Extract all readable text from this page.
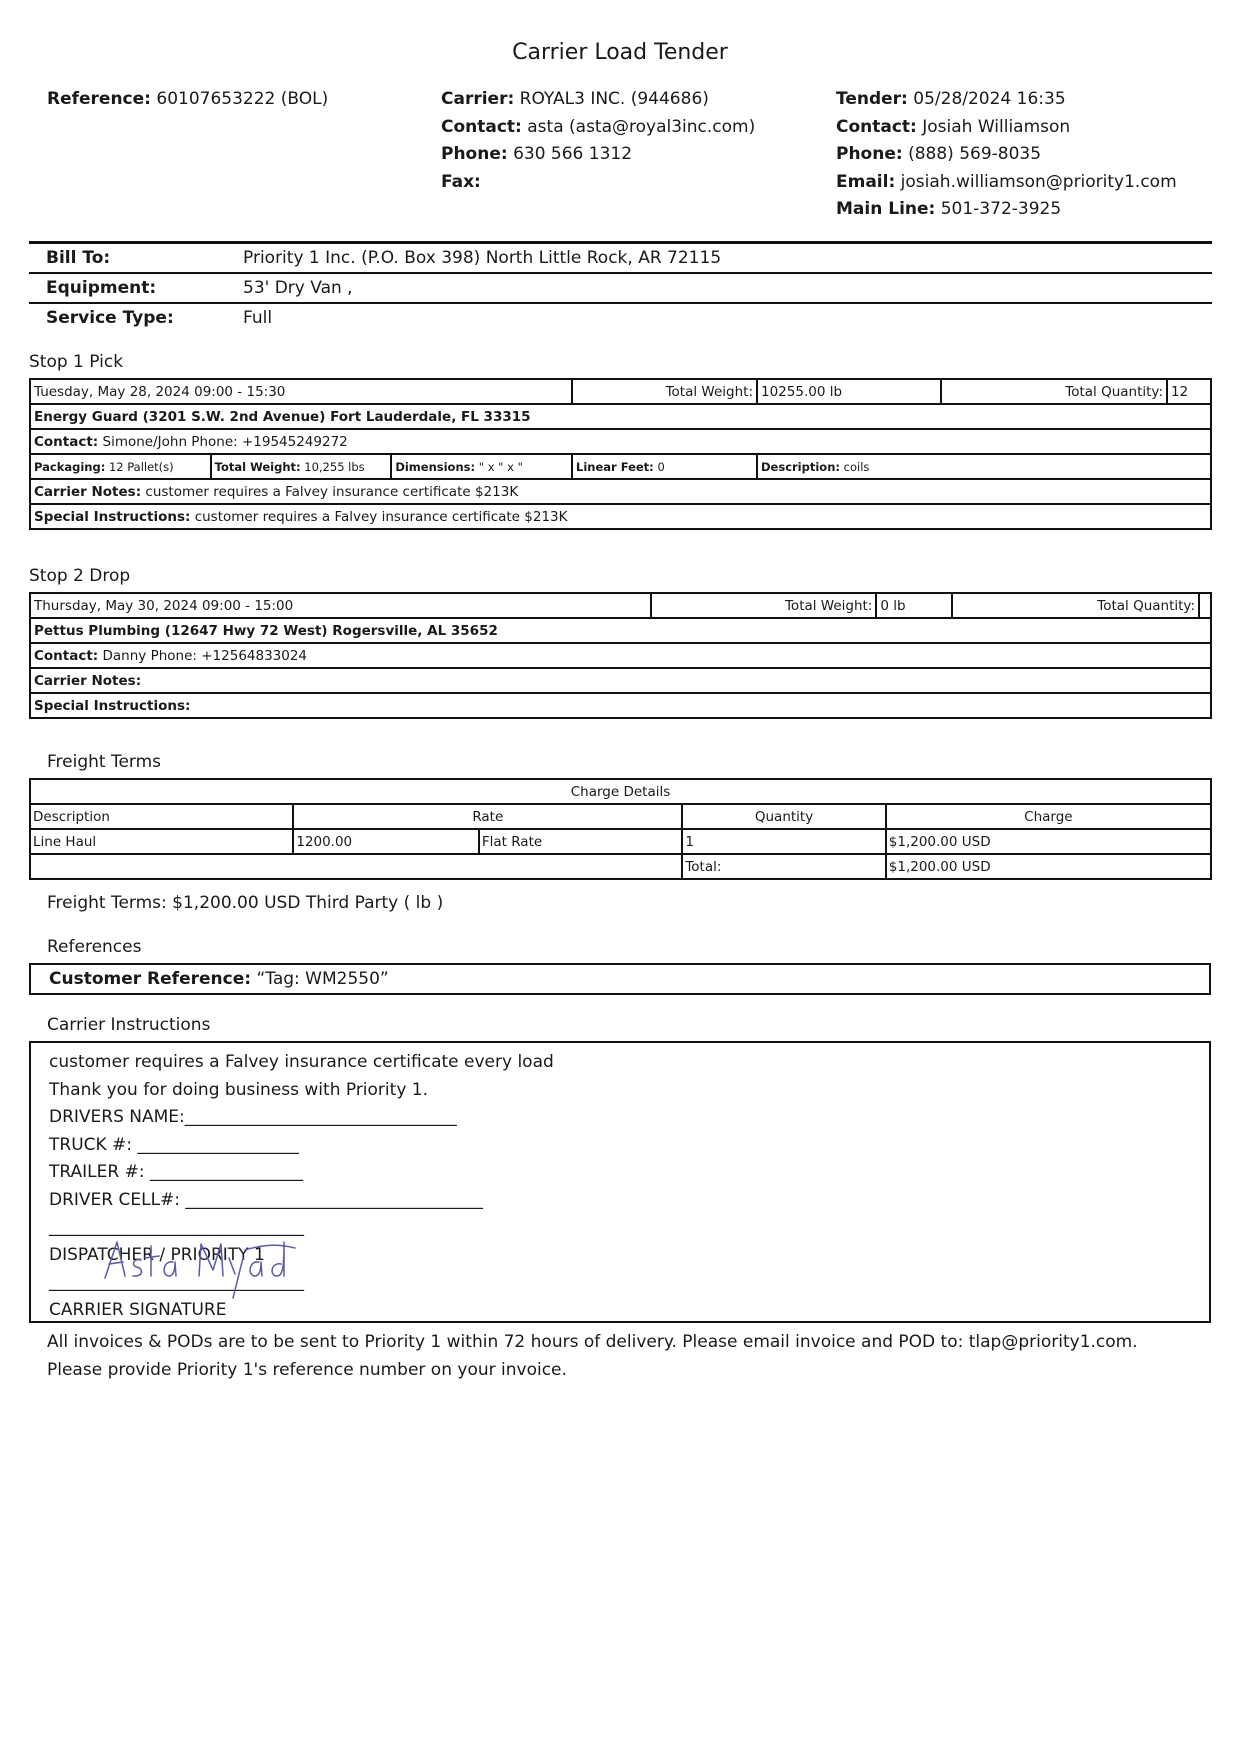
Carrier Load Tender
Reference: 60107653222 (BOL)	Carrier: ROYAL3 INC. (944686)
Contact: asta (asta@royal3inc.com)
Phone: 630 566 1312
Fax:
Tender: 05/28/2024 16:35
Contact: Josiah Williamson
Phone: (888) 569-8035
Email: josiah.williamson@priority1.com
Main Line: 501-372-3925
Bill To:	Priority 1 Inc. (P.O. Box 398) North Little Rock, AR 72115
Equipment:	53' Dry Van ,
Service Type:	Full
Stop 1 Pick
Tuesday, May 28, 2024 09:00 - 15:30			Total Weight:	10255.00 lb	Total Quantity:	12
Energy Guard (3201 S.W. 2nd Avenue) Fort Lauderdale, FL 33315						
Contact: Simone/John Phone: +19545249272						
Packaging: 12 Pallet(s)	Total Weight: 10,255 lbs	Dimensions: " x " x "	Linear Feet: 0	Description: coils		
Carrier Notes: customer requires a Falvey insurance certificate $213K						
Special Instructions: customer requires a Falvey insurance certificate $213K						
Stop 2 Drop
Thursday, May 30, 2024 09:00 - 15:00	Total Weight:	0 lb	Total Quantity:	
Pettus Plumbing (12647 Hwy 72 West) Rogersville, AL 35652
Contact: Danny Phone: +12564833024
Carrier Notes:
Special Instructions:
Freight Terms
Charge Details				
Description	Rate		Quantity	Charge
Line Haul	1200.00	Flat Rate	1	$1,200.00 USD
			Total:	$1,200.00 USD
Freight Terms: $1,200.00 USD Third Party ( lb )
References
Customer Reference: “Tag: WM2550”
Carrier Instructions
customer requires a Falvey insurance certificate every load
Thank you for doing business with Priority 1.
DRIVERS NAME:________________________________
TRUCK #: ___________________
TRAILER #: __________________
DRIVER CELL#: ___________________________________
______________________________
DISPATCHER / PRIORITY 1
______________________________
CARRIER SIGNATURE
All invoices & PODs are to be sent to Priority 1 within 72 hours of delivery. Please email invoice and POD to: tlap@priority1.com. Please provide Priority 1's reference number on your invoice.
